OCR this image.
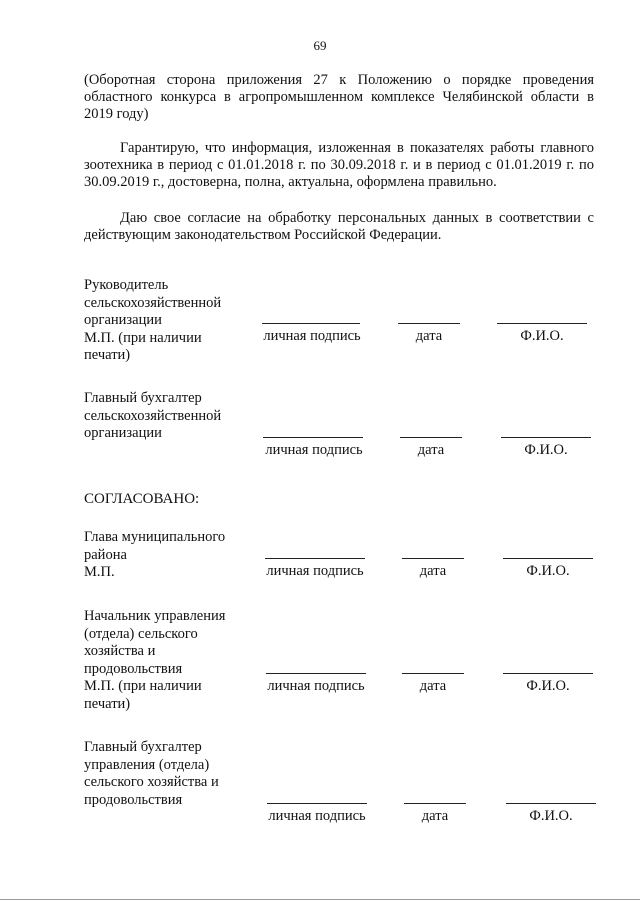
69
(Оборотная сторона приложения 27 к Положению о порядке проведения областного конкурса в агропромышленном комплексе Челябинской области в 2019 году)
Гарантирую, что информация, изложенная в показателях работы главного зоотехника в период с 01.01.2018 г. по 30.09.2018 г. и в период с 01.01.2019 г. по 30.09.2019 г., достоверна, полна, актуальна, оформлена правильно.
Даю свое согласие на обработку персональных данных в соответствии с действующим законодательством Российской Федерации.
Руководитель
сельскохозяйственной
организации
М.П. (при наличии
печати)
личная подпись	дата	Ф.И.О.
Главный бухгалтер
сельскохозяйственной
организации
личная подпись	дата	Ф.И.О.
СОГЛАСОВАНО:
Глава муниципального
района
М.П.	личная подпись	дата	Ф.И.О.
Начальник управления
(отдела) сельского
хозяйства и
продовольствия
М.П. (при наличии
печати)
личная подпись	дата	Ф.И.О.
Главный бухгалтер
управления (отдела)
сельского хозяйства и
продовольствия
личная подпись	дата	Ф.И.О.
